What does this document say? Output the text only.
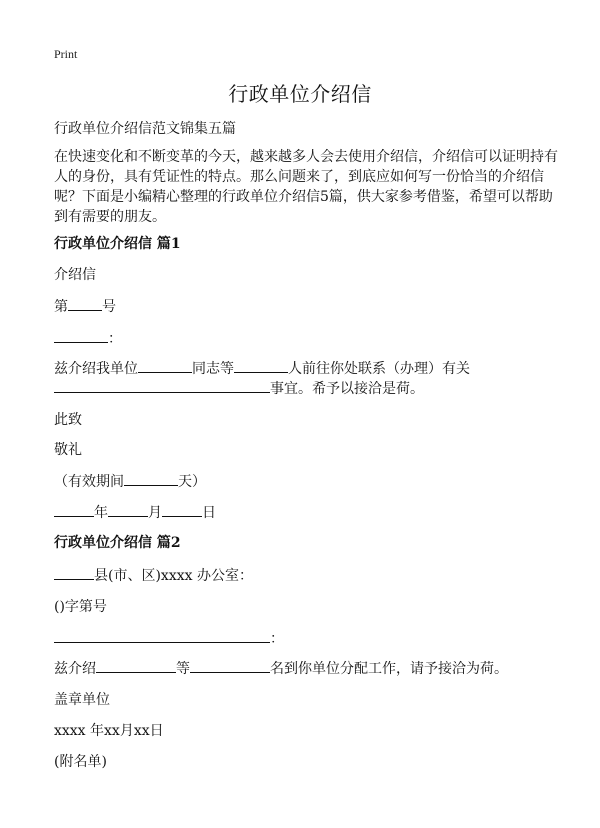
Print
行政单位介绍信

行政单位介绍信范文锦集五篇

在快速变化和不断变革的今天，越来越多人会去使用介绍信，介绍信可以证明持有
人的身份，具有凭证性的特点。那么问题来了，到底应如何写一份恰当的介绍信
呢？下面是小编精心整理的行政单位介绍信5篇，供大家参考借鉴，希望可以帮助
到有需要的朋友。

行政单位介绍信 篇1

介绍信

第 号

：

兹介绍我单位	同志等	人前往你处联系（办理）有关

事宜。希予以接洽是荷。

此致

敬礼

（有效期间	天）

年	月	日

行政单位介绍信 篇2

县(市、区)xxxx 办公室：

()字第号

：

兹介绍	等	名到你单位分配工作，请予接洽为荷。

盖章单位

xxxx 年xx月xx日

(附名单)
